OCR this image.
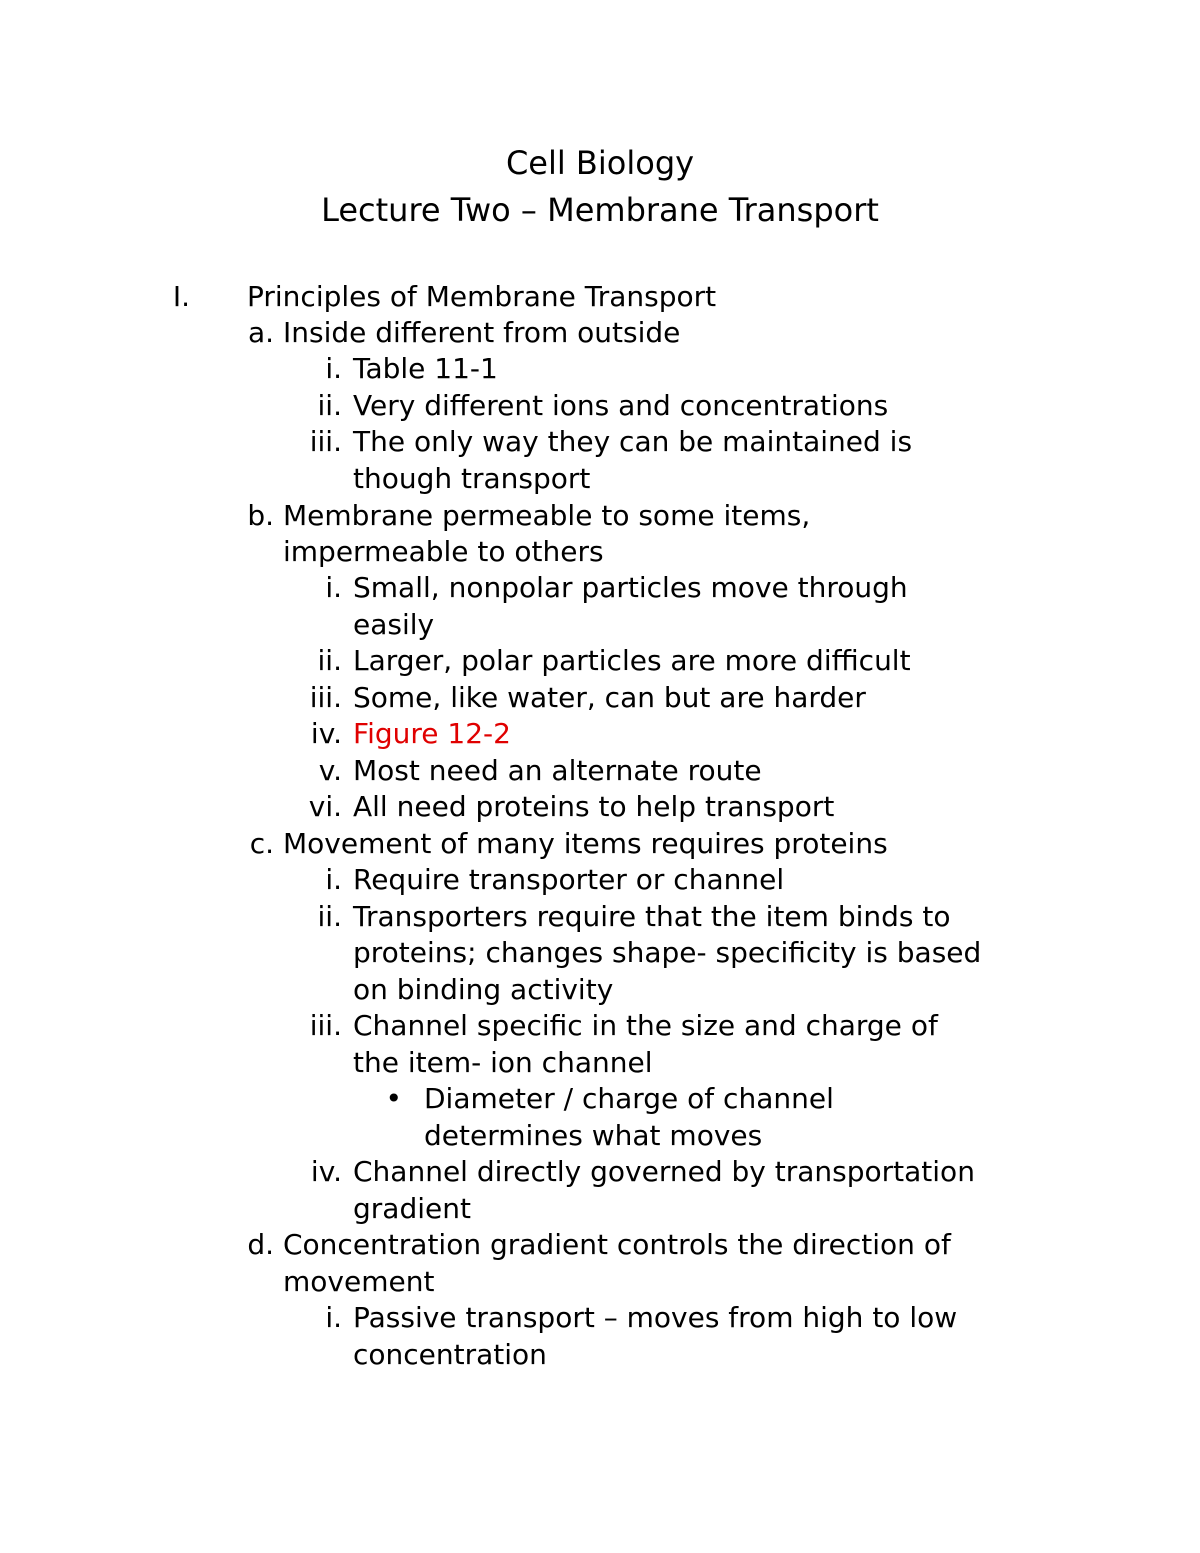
Cell Biology
Lecture Two – Membrane Transport
I. Principles of Membrane Transport
a. Inside different from outside
i. Table 11-1
ii. Very different ions and concentrations
iii. The only way they can be maintained is
though transport
b. Membrane permeable to some items,
impermeable to others
i. Small, nonpolar particles move through
easily
ii. Larger, polar particles are more difficult
iii. Some, like water, can but are harder
iv. Figure 12-2
v. Most need an alternate route
vi. All need proteins to help transport
c. Movement of many items requires proteins
i. Require transporter or channel
ii. Transporters require that the item binds to
proteins; changes shape- specificity is based
on binding activity
iii. Channel specific in the size and charge of
the item- ion channel
• Diameter / charge of channel
determines what moves
iv. Channel directly governed by transportation
gradient
d. Concentration gradient controls the direction of
movement
i. Passive transport – moves from high to low
concentration
